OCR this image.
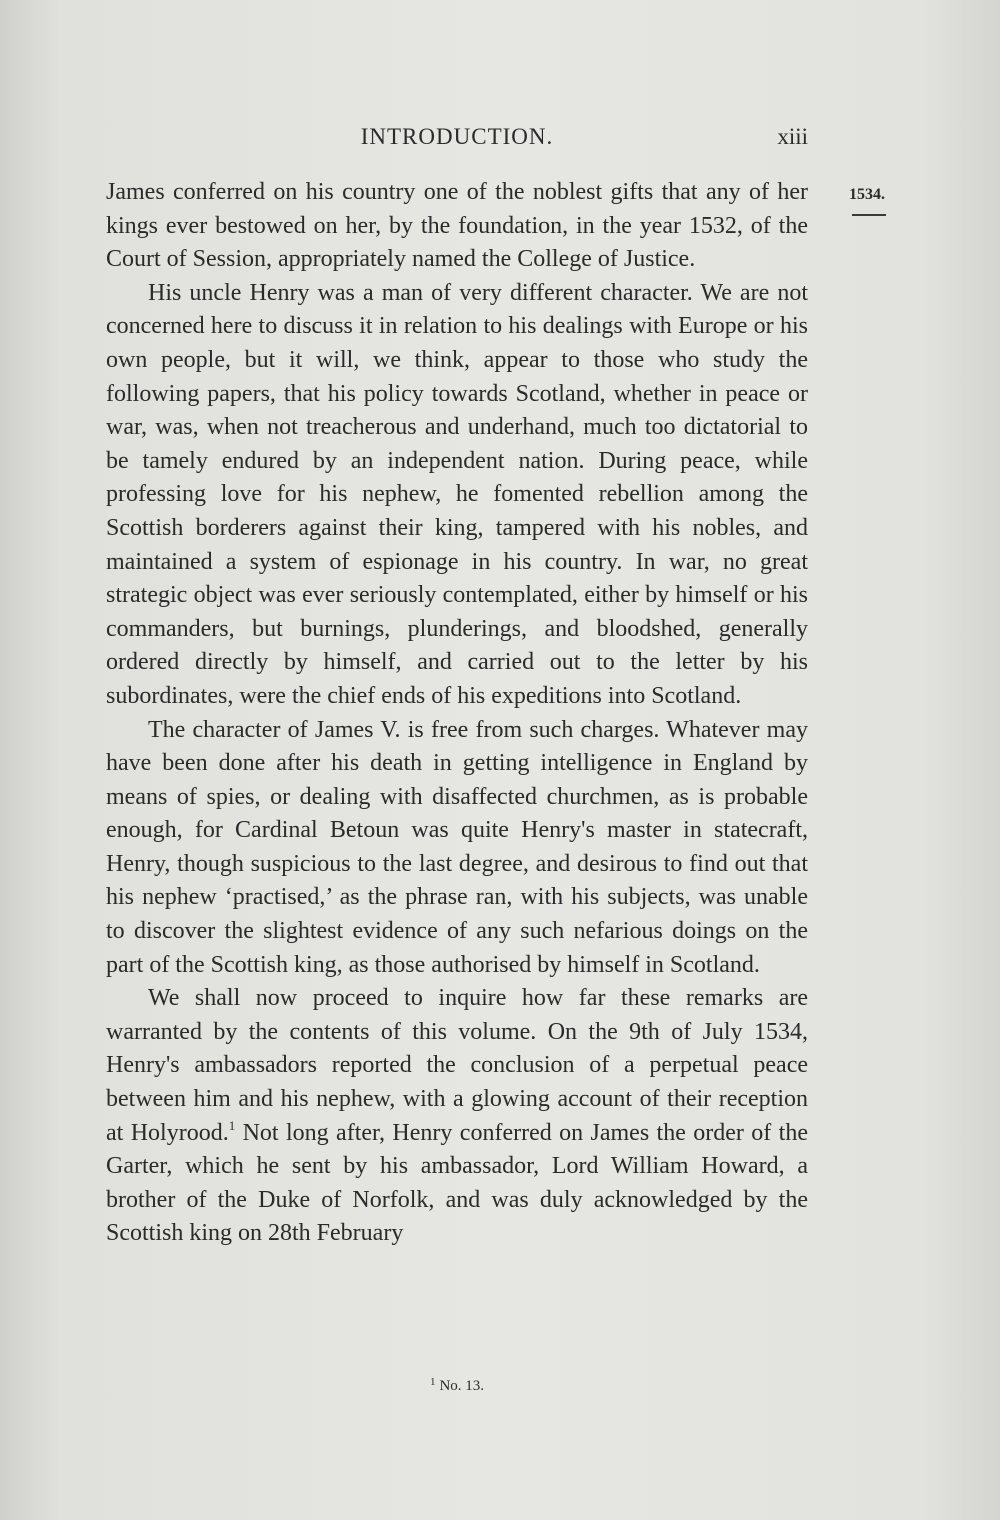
INTRODUCTION.	xiii
1534.

James conferred on his country one of the noblest gifts that any of her kings ever bestowed on her, by the foundation, in the year 1532, of the Court of Session, appropriately named the College of Justice.

His uncle Henry was a man of very different character. We are not concerned here to discuss it in relation to his dealings with Europe or his own people, but it will, we think, appear to those who study the following papers, that his policy towards Scotland, whether in peace or war, was, when not treacherous and underhand, much too dictatorial to be tamely endured by an independent nation. During peace, while professing love for his nephew, he fomented rebellion among the Scottish borderers against their king, tampered with his nobles, and maintained a system of espionage in his country. In war, no great strategic object was ever seriously contemplated, either by himself or his commanders, but burnings, plunderings, and bloodshed, generally ordered directly by himself, and carried out to the letter by his subordinates, were the chief ends of his expeditions into Scotland.

The character of James V. is free from such charges. Whatever may have been done after his death in getting intelligence in England by means of spies, or dealing with disaffected churchmen, as is probable enough, for Cardinal Betoun was quite Henry's master in statecraft, Henry, though suspicious to the last degree, and desirous to find out that his nephew ‘practised,’ as the phrase ran, with his subjects, was unable to discover the slightest evidence of any such nefarious doings on the part of the Scottish king, as those authorised by himself in Scotland.

We shall now proceed to inquire how far these remarks are warranted by the contents of this volume. On the 9th of July 1534, Henry's ambassadors reported the conclusion of a perpetual peace between him and his nephew, with a glowing account of their reception at Holyrood.$^1$ Not long after, Henry conferred on James the order of the Garter, which he sent by his ambassador, Lord William Howard, a brother of the Duke of Norfolk, and was duly acknowledged by the Scottish king on 28th February

$^1$ No. 13.
